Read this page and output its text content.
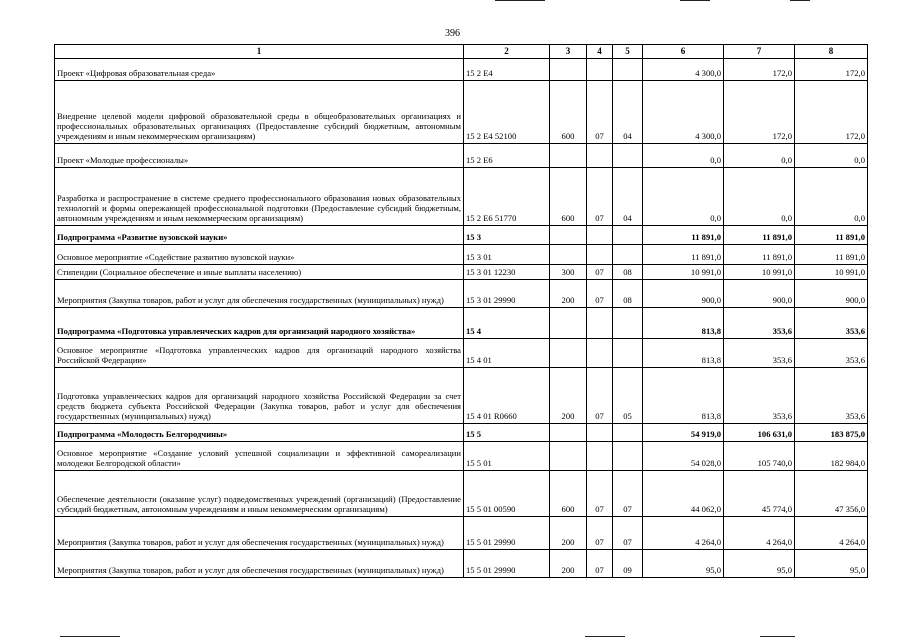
396
1	2	3	4	5	6	7	8
Проект «Цифровая образовательная среда»	15 2 E4				4 300,0	172,0	172,0
Внедрение целевой модели цифровой образовательной среды в общеобразовательных организациях и профессиональных образовательных организациях (Предоставление субсидий бюджетным, автономным учреждениям и иным некоммерческим организациям)	15 2 E4 52100	600	07	04	4 300,0	172,0	172,0
Проект «Молодые профессионалы»	15 2 E6				0,0	0,0	0,0
Разработка и распространение в системе среднего профессионального образования новых образовательных технологий и формы опережающей профессиональной подготовки (Предоставление субсидий бюджетным, автономным учреждениям и иным некоммерческим организациям)	15 2 E6 51770	600	07	04	0,0	0,0	0,0
Подпрограмма «Развитие вузовской науки»	15 3				11 891,0	11 891,0	11 891,0
Основное мероприятие «Содействие развитию вузовской науки»	15 3 01				11 891,0	11 891,0	11 891,0
Стипендии (Социальное обеспечение и иные выплаты населению)	15 3 01 12230	300	07	08	10 991,0	10 991,0	10 991,0
Мероприятия (Закупка товаров, работ и услуг для обеспечения государственных (муниципальных) нужд)	15 3 01 29990	200	07	08	900,0	900,0	900,0
Подпрограмма «Подготовка управленческих кадров для организаций народного хозяйства»	15 4				813,8	353,6	353,6
Основное мероприятие «Подготовка управленческих кадров для организаций народного хозяйства Российской Федерации»	15 4 01				813,8	353,6	353,6
Подготовка управленческих кадров для организаций народного хозяйства Российской Федерации за счет средств бюджета субъекта Российской Федерации (Закупка товаров, работ и услуг для обеспечения государственных (муниципальных) нужд)	15 4 01 R0660	200	07	05	813,8	353,6	353,6
Подпрограмма «Молодость Белгородчины»	15 5				54 919,0	106 631,0	183 875,0
Основное мероприятие «Создание условий успешной социализации и эффективной самореализации молодежи Белгородской области»	15 5 01				54 028,0	105 740,0	182 984,0
Обеспечение деятельности (оказание услуг) подведомственных учреждений (организаций) (Предоставление субсидий бюджетным, автономным учреждениям и иным некоммерческим организациям)	15 5 01 00590	600	07	07	44 062,0	45 774,0	47 356,0
Мероприятия (Закупка товаров, работ и услуг для обеспечения государственных (муниципальных) нужд)	15 5 01 29990	200	07	07	4 264,0	4 264,0	4 264,0
Мероприятия (Закупка товаров, работ и услуг для обеспечения государственных (муниципальных) нужд)	15 5 01 29990	200	07	09	95,0	95,0	95,0
